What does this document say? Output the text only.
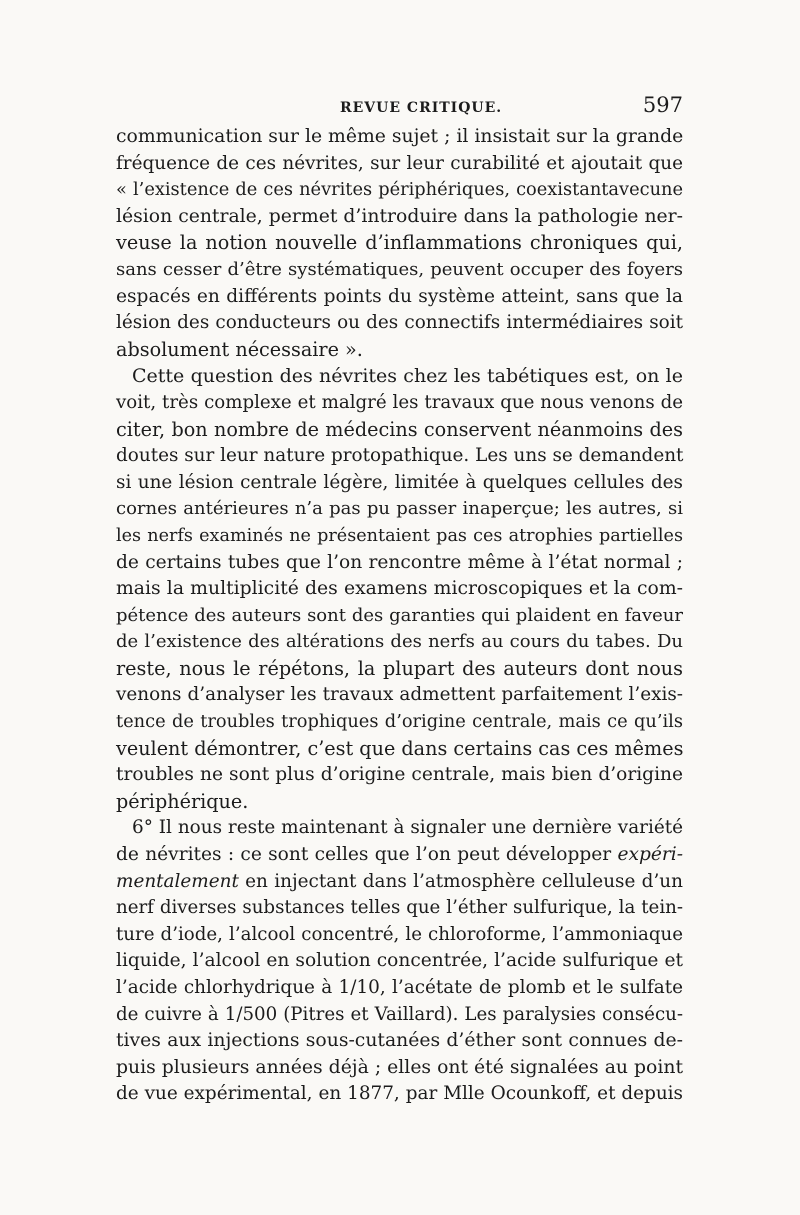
REVUE CRITIQUE.	597
communication sur le même sujet ; il insistait sur la grande
fréquence de ces névrites, sur leur curabilité et ajoutait que
« l’existence de ces névrites périphériques, coexistantavecune
lésion centrale, permet d’introduire dans la pathologie ner-
veuse la notion nouvelle d’inflammations chroniques qui,
sans cesser d’être systématiques, peuvent occuper des foyers
espacés en différents points du système atteint, sans que la
lésion des conducteurs ou des connectifs intermédiaires soit
absolument nécessaire ».
Cette question des névrites chez les tabétiques est, on le
voit, très complexe et malgré les travaux que nous venons de
citer, bon nombre de médecins conservent néanmoins des
doutes sur leur nature protopathique. Les uns se demandent
si une lésion centrale légère, limitée à quelques cellules des
cornes antérieures n’a pas pu passer inaperçue; les autres, si
les nerfs examinés ne présentaient pas ces atrophies partielles
de certains tubes que l’on rencontre même à l’état normal ;
mais la multiplicité des examens microscopiques et la com-
pétence des auteurs sont des garanties qui plaident en faveur
de l’existence des altérations des nerfs au cours du tabes. Du
reste, nous le répétons, la plupart des auteurs dont nous
venons d’analyser les travaux admettent parfaitement l’exis-
tence de troubles trophiques d’origine centrale, mais ce qu’ils
veulent démontrer, c’est que dans certains cas ces mêmes
troubles ne sont plus d’origine centrale, mais bien d’origine
périphérique.
6° Il nous reste maintenant à signaler une dernière variété
de névrites : ce sont celles que l’on peut développer expéri-
mentalement en injectant dans l’atmosphère celluleuse d’un
nerf diverses substances telles que l’éther sulfurique, la tein-
ture d’iode, l’alcool concentré, le chloroforme, l’ammoniaque
liquide, l’alcool en solution concentrée, l’acide sulfurique et
l’acide chlorhydrique à 1/10, l’acétate de plomb et le sulfate
de cuivre à 1/500 (Pitres et Vaillard). Les paralysies consécu-
tives aux injections sous-cutanées d’éther sont connues de-
puis plusieurs années déjà ; elles ont été signalées au point
de vue expérimental, en 1877, par Mlle Ocounkoff, et depuis
